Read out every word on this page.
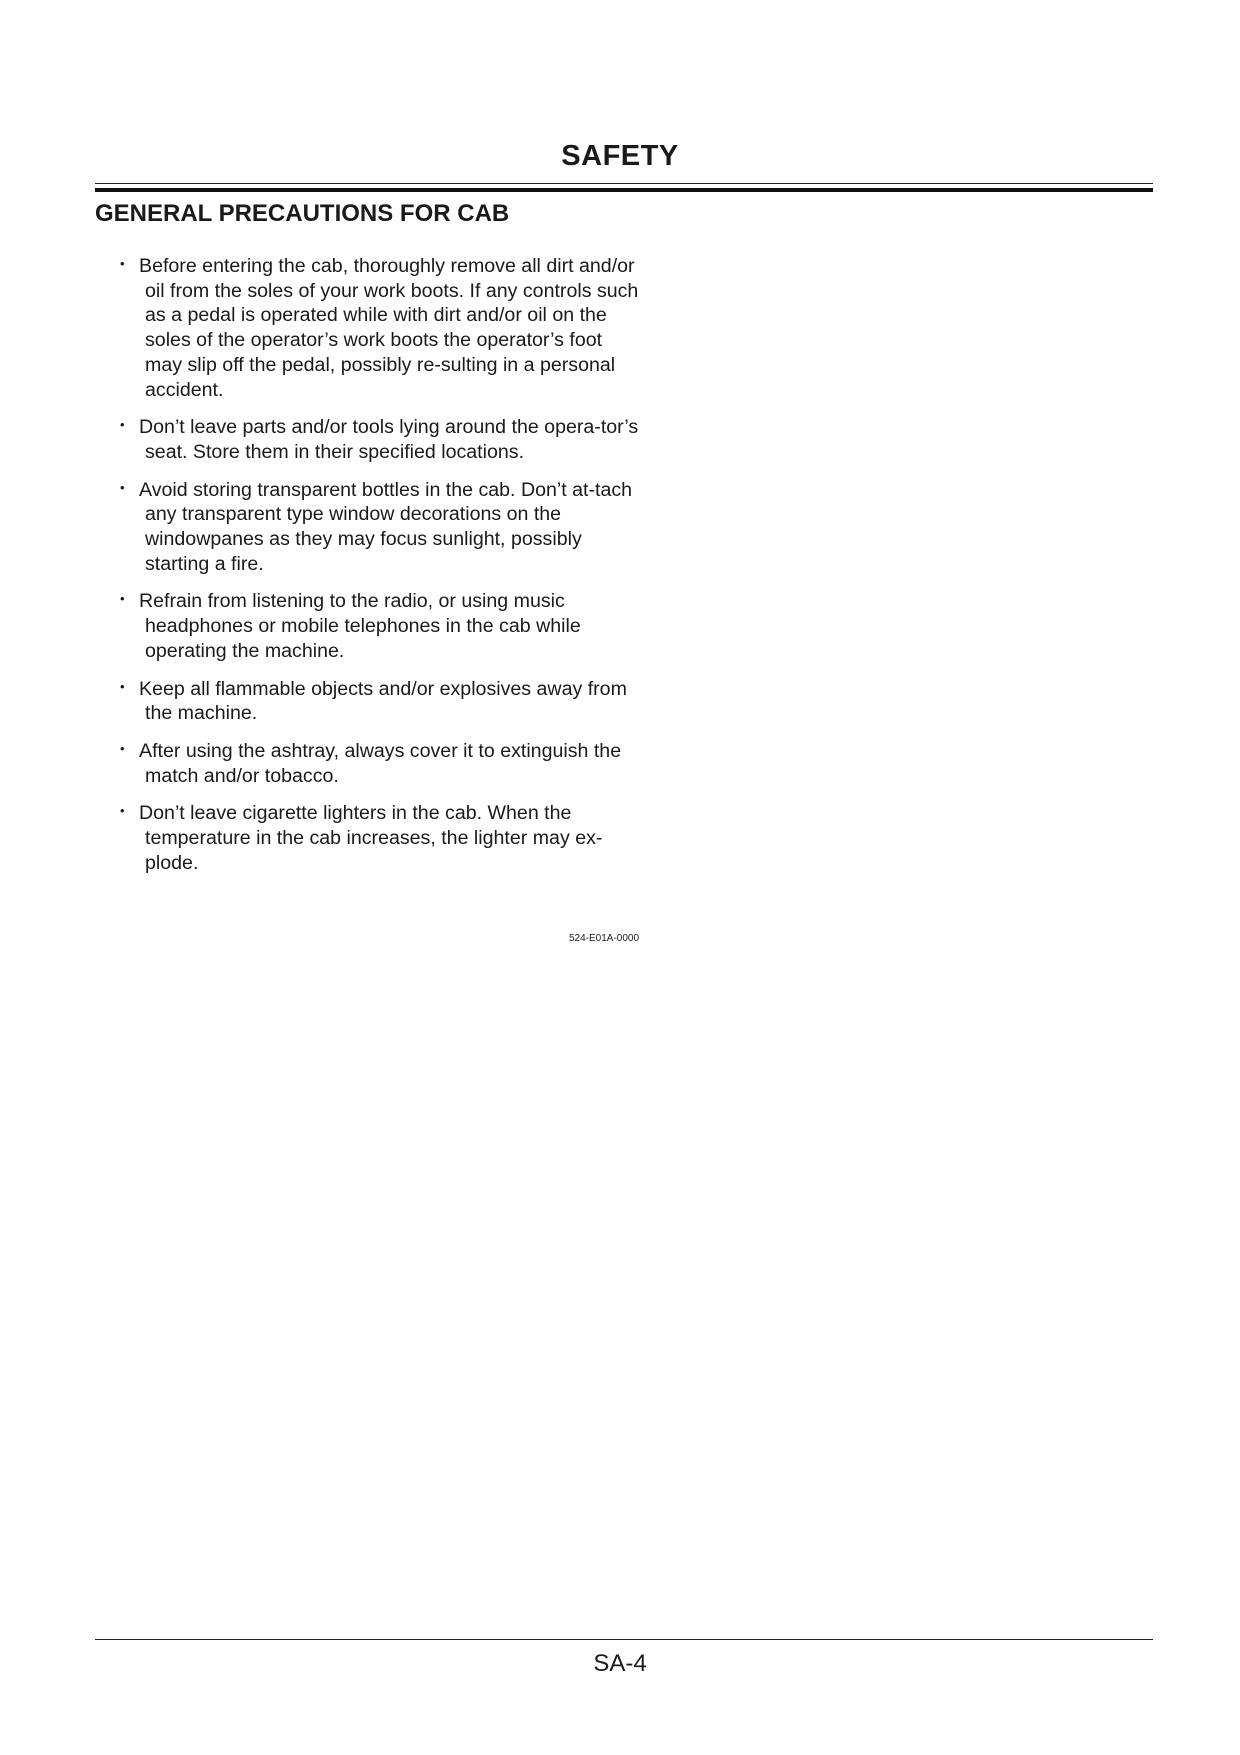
SAFETY
GENERAL PRECAUTIONS FOR CAB
• Before entering the cab, thoroughly remove all dirt and/or oil from the soles of your work boots. If any controls such as a pedal is operated while with dirt and/or oil on the soles of the operator’s work boots the operator’s foot may slip off the pedal, possibly re-sulting in a personal accident.
• Don’t leave parts and/or tools lying around the opera-tor’s seat. Store them in their specified locations.
• Avoid storing transparent bottles in the cab. Don’t at-tach any transparent type window decorations on the windowpanes as they may focus sunlight, possibly starting a fire.
• Refrain from listening to the radio, or using music headphones or mobile telephones in the cab while operating the machine.
• Keep all flammable objects and/or explosives away from the machine.
• After using the ashtray, always cover it to extinguish the match and/or tobacco.
• Don’t leave cigarette lighters in the cab. When the temperature in the cab increases, the lighter may ex-plode.
524-E01A-0000
SA-4
